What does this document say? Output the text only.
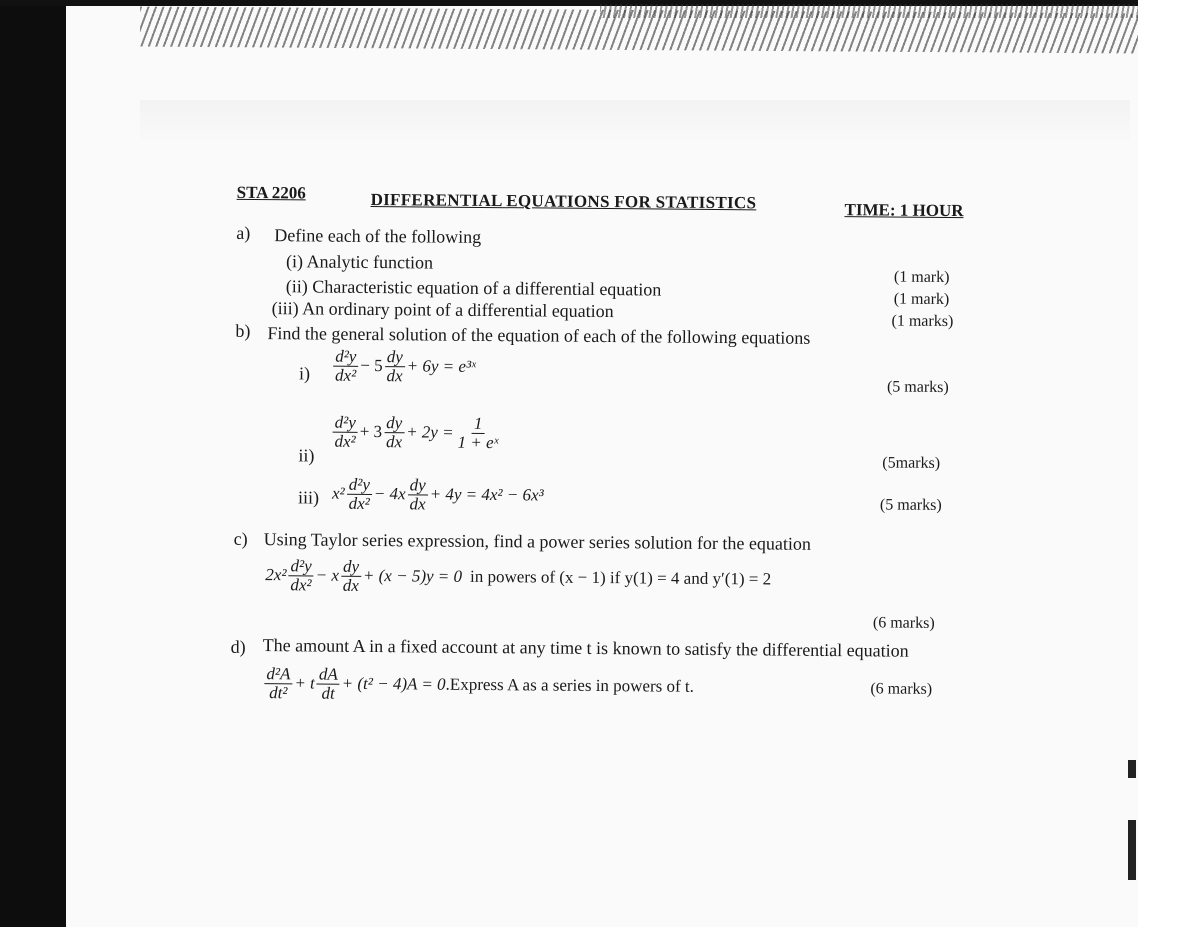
STA 2206	DIFFERENTIAL EQUATIONS FOR STATISTICS	TIME: 1 HOUR
a) Define each of the following
(i) Analytic function
(ii) Characteristic equation of a differential equation
(iii) An ordinary point of a differential equation
(1 mark)
(1 mark)
(1 marks)
b) Find the general solution of the equation of each of the following equations
$i) \frac{\text{d²y}}{\text{dx²}} - 5 \frac{dy}{dx} + 6y$ = e³ˣ
(5 marks)
$\frac{\text{d²y}}{\text{dx²}} + 3 \frac{dy}{dx} + 2y = \frac{1}{\text{1 + eˣ}}$
ii)	(5marks)
iii) $x^2 \frac{\text{d²y}}{\text{dx²}} - 4x \frac{dy}{dx} + 4y = 4x^2 - 6x^3$
(5 marks)
c) Using Taylor series expression, find a power series solution for the equation
$2x^2 \frac{\text{d²y}}{\text{dx²}} - x \frac{dy}{dx} + (x - 5)y = 0$ in powers of (x − 1) if y(1) = 4 and y′(1) = 2
(6 marks)
d) The amount A in a fixed account at any time t is known to satisfy the differential equation
$\frac{\text{d²A}}{\text{dt²}} + t \frac{dA}{dt} + (t^2 - 4)A = 0$ .Express A as a series in powers of t.	(6 marks)
